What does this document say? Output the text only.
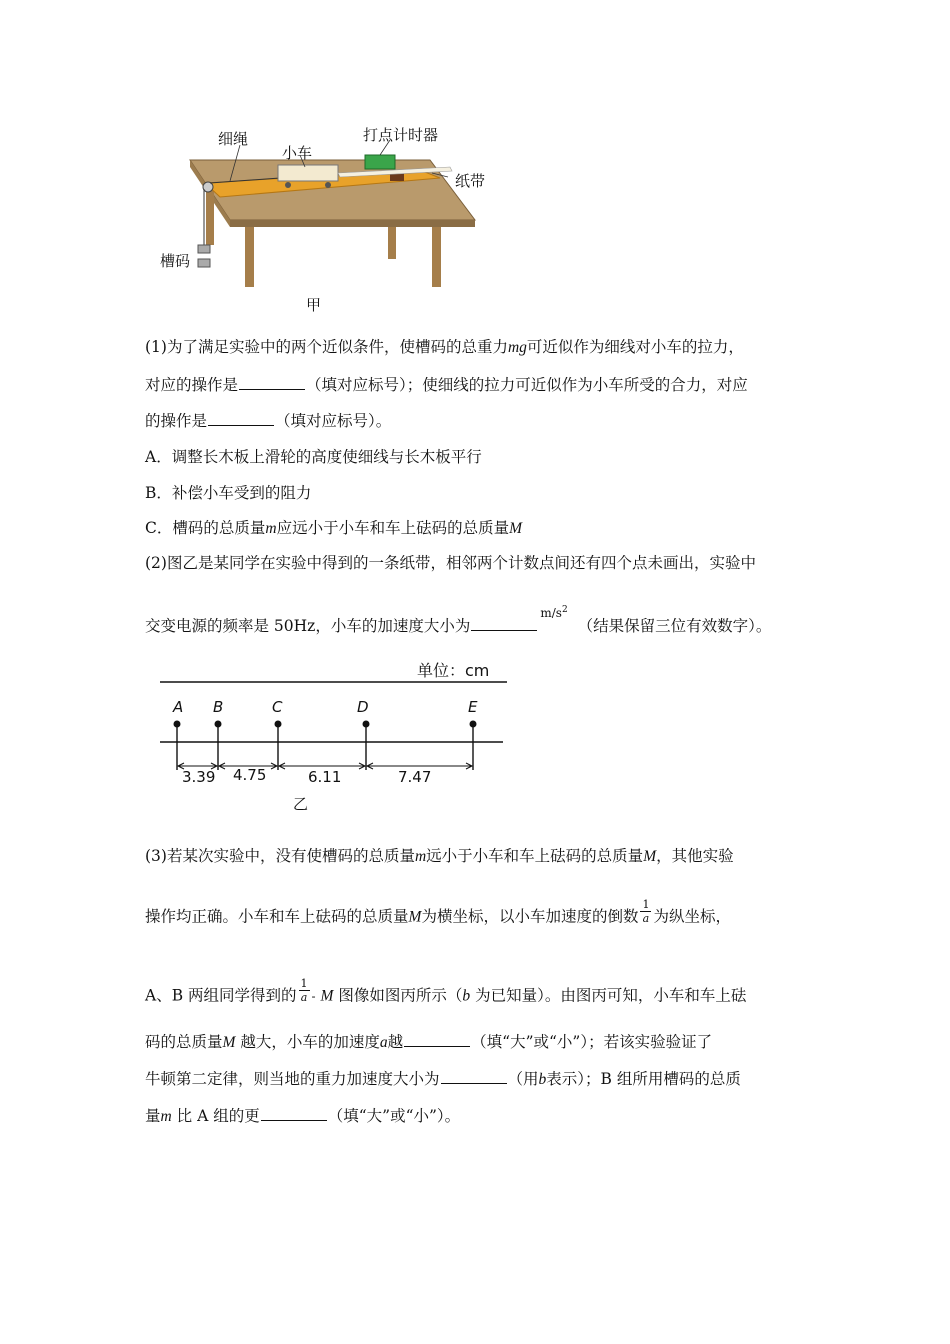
细绳
小车
打点计时器
纸带
槽码
甲
(1)为了满足实验中的两个近似条件，使槽码的总重力mg可近似作为细线对小车的拉力，
对应的操作是	（填对应标号）；使细线的拉力可近似作为小车所受的合力，对应
的操作是	（填对应标号）。
A．调整长木板上滑轮的高度使细线与长木板平行
B．补偿小车受到的阻力
C．槽码的总质量m应远小于小车和车上砝码的总质量M
(2)图乙是某同学在实验中得到的一条纸带，相邻两个计数点间还有四个点未画出，实验中
交变电源的频率是 50Hz，小车的加速度大小为$^{m/s^2}$（结果保留三位有效数字）。
单位：cm
A B	C	D	E
3.39 4.75	6.11	7.47
乙
(3)若某次实验中，没有使槽码的总质量m远小于小车和车上砝码的总质量M，其他实验
操作均正确。小车和车上砝码的总质量M为横坐标，以小车加速度的倒数 $\frac{1}{a}$ 为纵坐标，
A、B 两组同学得到的 $\frac{1}{a}$ - M 图像如图丙所示（b 为已知量）。由图丙可知，小车和车上砝
码的总质量M 越大，小车的加速度a越	（填“大”或“小”）；若该实验验证了
牛顿第二定律，则当地的重力加速度大小为	（用b表示）；B 组所用槽码的总质
量m 比 A 组的更	（填“大”或“小”）。
